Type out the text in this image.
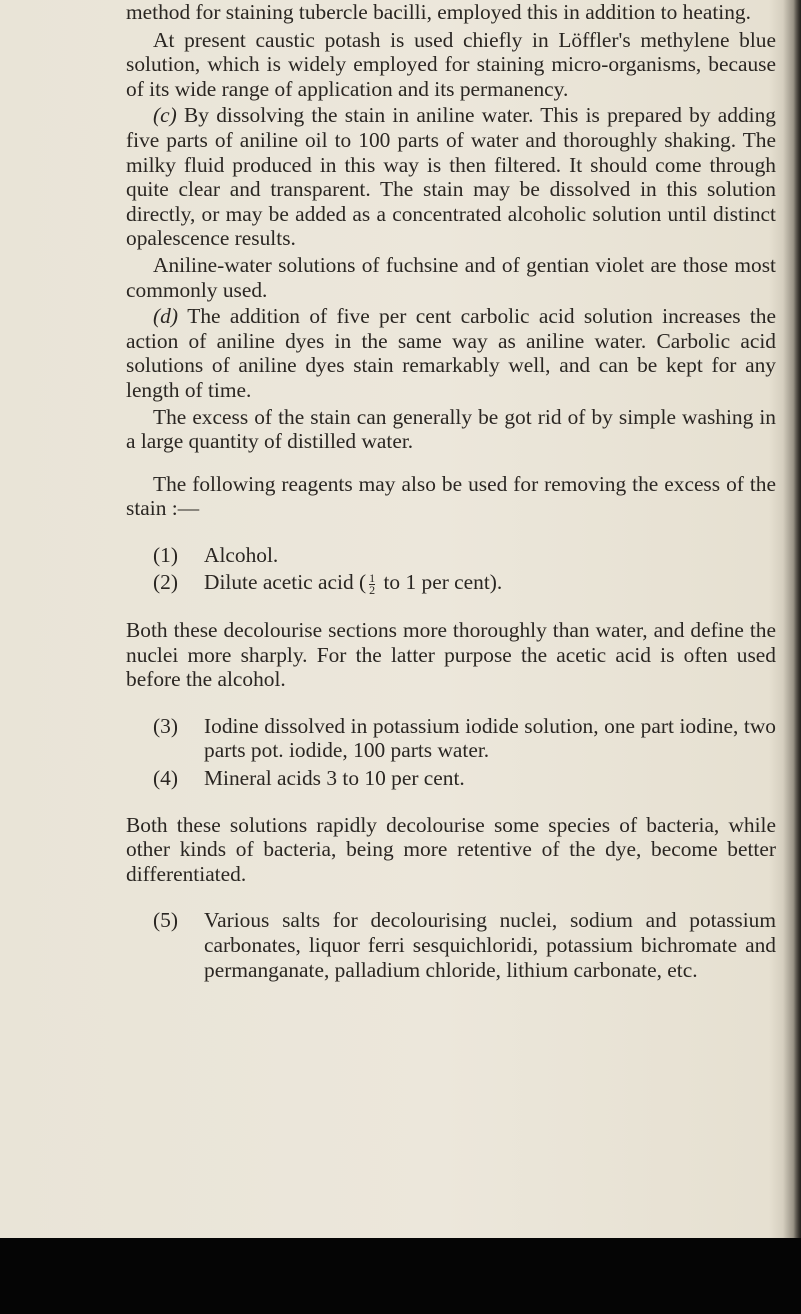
method for staining tubercle bacilli, employed this in addition to heating.

At present caustic potash is used chiefly in Löffler's methylene blue solution, which is widely employed for staining micro-organisms, because of its wide range of application and its permanency.

(c) By dissolving the stain in aniline water. This is prepared by adding five parts of aniline oil to 100 parts of water and thoroughly shaking. The milky fluid produced in this way is then filtered. It should come through quite clear and transparent. The stain may be dissolved in this solution directly, or may be added as a concentrated alcoholic solution until distinct opalescence results.

Aniline-water solutions of fuchsine and of gentian violet are those most commonly used.

(d) The addition of five per cent carbolic acid solution increases the action of aniline dyes in the same way as aniline water. Carbolic acid solutions of aniline dyes stain remarkably well, and can be kept for any length of time.

The excess of the stain can generally be got rid of by simple washing in a large quantity of distilled water.

The following reagents may also be used for removing the excess of the stain :—

(1)	Alcohol.
(2)	Dilute acetic acid ( $\frac{1}{2}$ to 1 per cent).

Both these decolourise sections more thoroughly than water, and define the nuclei more sharply. For the latter purpose the acetic acid is often used before the alcohol.

(3)	Iodine dissolved in potassium iodide solution, one part iodine, two parts pot. iodide, 100 parts water.
(4)	Mineral acids 3 to 10 per cent.

Both these solutions rapidly decolourise some species of bacteria, while other kinds of bacteria, being more retentive of the dye, become better differentiated.

(5)	Various salts for decolourising nuclei, sodium and potassium carbonates, liquor ferri sesquichloridi, potassium bichromate and permanganate, palladium chloride, lithium carbonate, etc.
